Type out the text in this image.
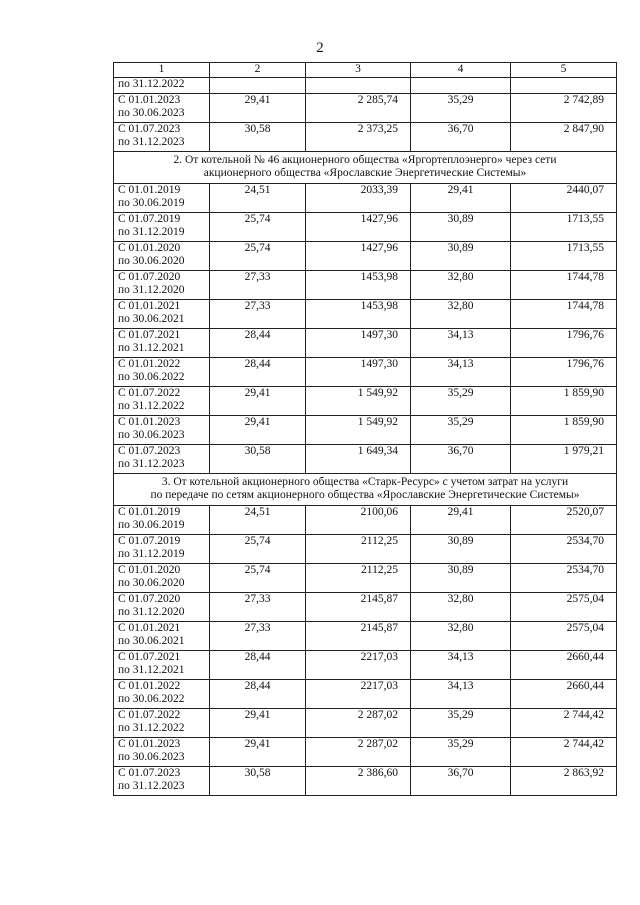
2
1	2	3	4	5

по 31.12.2022				

С 01.01.2023
по 30.06.2023	29,41	2 285,74	35,29	2 742,89

С 01.07.2023
по 31.12.2023	30,58	2 373,25	36,70	2 847,90

2. От котельной № 46 акционерного общества «Яргортеплоэнерго» через сети
акционерного общества «Ярославские Энергетические Системы»				

С 01.01.2019
по 30.06.2019	24,51	2033,39	29,41	2440,07

С 01.07.2019
по 31.12.2019	25,74	1427,96	30,89	1713,55

С 01.01.2020
по 30.06.2020	25,74	1427,96	30,89	1713,55

С 01.07.2020
по 31.12.2020	27,33	1453,98	32,80	1744,78

С 01.01.2021
по 30.06.2021	27,33	1453,98	32,80	1744,78

С 01.07.2021
по 31.12.2021	28,44	1497,30	34,13	1796,76

С 01.01.2022
по 30.06.2022	28,44	1497,30	34,13	1796,76

С 01.07.2022
по 31.12.2022	29,41	1 549,92	35,29	1 859,90

С 01.01.2023
по 30.06.2023	29,41	1 549,92	35,29	1 859,90

С 01.07.2023
по 31.12.2023	30,58	1 649,34	36,70	1 979,21

3. От котельной акционерного общества «Старк-Ресурс» с учетом затрат на услуги
по передаче по сетям акционерного общества «Ярославские Энергетические Системы»				

С 01.01.2019
по 30.06.2019	24,51	2100,06	29,41	2520,07

С 01.07.2019
по 31.12.2019	25,74	2112,25	30,89	2534,70

С 01.01.2020
по 30.06.2020	25,74	2112,25	30,89	2534,70

С 01.07.2020
по 31.12.2020	27,33	2145,87	32,80	2575,04

С 01.01.2021
по 30.06.2021	27,33	2145,87	32,80	2575,04

С 01.07.2021
по 31.12.2021	28,44	2217,03	34,13	2660,44

С 01.01.2022
по 30.06.2022	28,44	2217,03	34,13	2660,44

С 01.07.2022
по 31.12.2022	29,41	2 287,02	35,29	2 744,42

С 01.01.2023
по 30.06.2023	29,41	2 287,02	35,29	2 744,42

С 01.07.2023
по 31.12.2023	30,58	2 386,60	36,70	2 863,92
